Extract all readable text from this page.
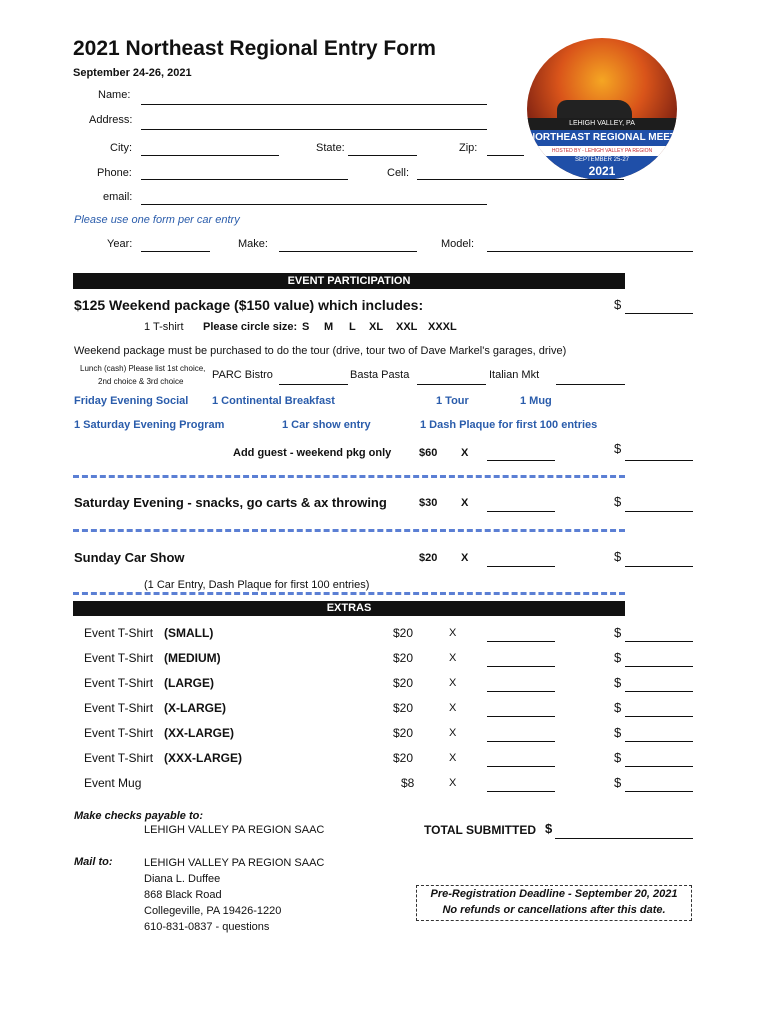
2021 Northeast Regional Entry Form
September 24-26, 2021
LEHIGH VALLEY, PA
NORTHEAST REGIONAL MEET
HOSTED BY - LEHIGH VALLEY PA REGION
SEPTEMBER 25-27
2021
Name:
Address:
City:	State:	Zip:
Phone:	Cell:
email:
Please use one form per car entry
Year:	Make:	Model:
EVENT PARTICIPATION
$125 Weekend package ($150 value) which includes:	$
1 T-shirt Please circle size: S M L XL XXL XXXL
Weekend package must be purchased to do the tour (drive, tour two of Dave Markel's garages, drive)
Lunch (cash) Please list 1st choice,
2nd choice & 3rd choice
PARC Bistro	Basta Pasta	Italian Mkt
Friday Evening Social 1 Continental Breakfast	1 Tour	1 Mug
1 Saturday Evening Program	1 Car show entry	1 Dash Plaque for first 100 entries
Add guest - weekend pkg only	$60 X	$
Saturday Evening - snacks, go carts & ax throwing	$30 X	$
Sunday Car Show	$20 X	$
(1 Car Entry, Dash Plaque for first 100 entries)
EXTRAS
Event T-Shirt (SMALL)	$20	X	$
Event T-Shirt (MEDIUM)	$20	X	$
Event T-Shirt (LARGE)	$20	X	$
Event T-Shirt (X-LARGE)	$20	X	$
Event T-Shirt (XX-LARGE)	$20	X	$
Event T-Shirt (XXX-LARGE)	$20	X	$
Event Mug	$8	X	$
Make checks payable to:
LEHIGH VALLEY PA REGION SAAC	TOTAL SUBMITTED $
Mail to:	LEHIGH VALLEY PA REGION SAAC
Diana L. Duffee
868 Black Road
Collegeville, PA 19426-1220
610-831-0837 - questions
Pre-Registration Deadline - September 20, 2021
No refunds or cancellations after this date.
